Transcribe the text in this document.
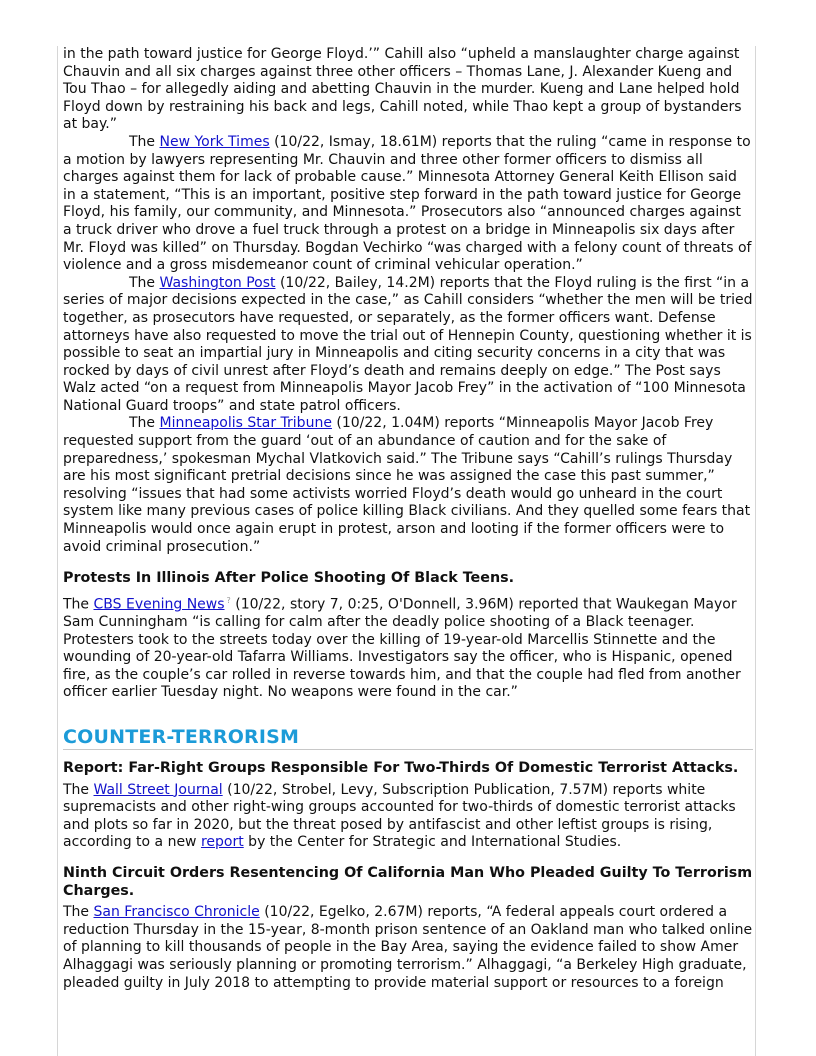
in the path toward justice for George Floyd.’” Cahill also “upheld a manslaughter charge against Chauvin and all six charges against three other officers – Thomas Lane, J. Alexander Kueng and Tou Thao – for allegedly aiding and abetting Chauvin in the murder. Kueng and Lane helped hold Floyd down by restraining his back and legs, Cahill noted, while Thao kept a group of bystanders at bay.”

The New York Times (10/22, Ismay, 18.61M) reports that the ruling “came in response to a motion by lawyers representing Mr. Chauvin and three other former officers to dismiss all charges against them for lack of probable cause.” Minnesota Attorney General Keith Ellison said in a statement, “This is an important, positive step forward in the path toward justice for George Floyd, his family, our community, and Minnesota.” Prosecutors also “announced charges against a truck driver who drove a fuel truck through a protest on a bridge in Minneapolis six days after Mr. Floyd was killed” on Thursday. Bogdan Vechirko “was charged with a felony count of threats of violence and a gross misdemeanor count of criminal vehicular operation.”

The Washington Post (10/22, Bailey, 14.2M) reports that the Floyd ruling is the first “in a series of major decisions expected in the case,” as Cahill considers “whether the men will be tried together, as prosecutors have requested, or separately, as the former officers want. Defense attorneys have also requested to move the trial out of Hennepin County, questioning whether it is possible to seat an impartial jury in Minneapolis and citing security concerns in a city that was rocked by days of civil unrest after Floyd’s death and remains deeply on edge.” The Post says Walz acted “on a request from Minneapolis Mayor Jacob Frey” in the activation of “100 Minnesota National Guard troops” and state patrol officers.

The Minneapolis Star Tribune (10/22, 1.04M) reports “Minneapolis Mayor Jacob Frey requested support from the guard ‘out of an abundance of caution and for the sake of preparedness,’ spokesman Mychal Vlatkovich said.” The Tribune says “Cahill’s rulings Thursday are his most significant pretrial decisions since he was assigned the case this past summer,” resolving “issues that had some activists worried Floyd’s death would go unheard in the court system like many previous cases of police killing Black civilians. And they quelled some fears that Minneapolis would once again erupt in protest, arson and looting if the former officers were to avoid criminal prosecution.”

Protests In Illinois After Police Shooting Of Black Teens.

The CBS Evening News ? (10/22, story 7, 0:25, O'Donnell, 3.96M) reported that Waukegan Mayor Sam Cunningham “is calling for calm after the deadly police shooting of a Black teenager. Protesters took to the streets today over the killing of 19-year-old Marcellis Stinnette and the wounding of 20-year-old Tafarra Williams. Investigators say the officer, who is Hispanic, opened fire, as the couple’s car rolled in reverse towards him, and that the couple had fled from another officer earlier Tuesday night. No weapons were found in the car.”

COUNTER-TERRORISM
Report: Far-Right Groups Responsible For Two-Thirds Of Domestic Terrorist Attacks.

The Wall Street Journal (10/22, Strobel, Levy, Subscription Publication, 7.57M) reports white supremacists and other right-wing groups accounted for two-thirds of domestic terrorist attacks and plots so far in 2020, but the threat posed by antifascist and other leftist groups is rising, according to a new report by the Center for Strategic and International Studies.

Ninth Circuit Orders Resentencing Of California Man Who Pleaded Guilty To Terrorism Charges.

The San Francisco Chronicle (10/22, Egelko, 2.67M) reports, “A federal appeals court ordered a reduction Thursday in the 15-year, 8-month prison sentence of an Oakland man who talked online of planning to kill thousands of people in the Bay Area, saying the evidence failed to show Amer Alhaggagi was seriously planning or promoting terrorism.” Alhaggagi, “a Berkeley High graduate, pleaded guilty in July 2018 to attempting to provide material support or resources to a foreign
